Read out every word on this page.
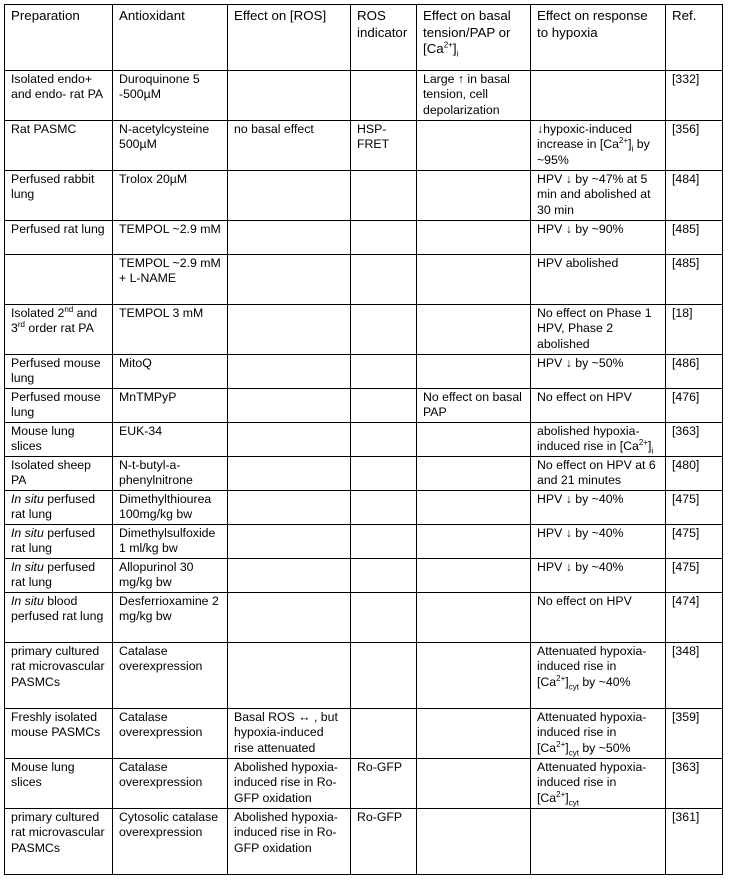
Preparation	Antioxidant	Effect on [ROS]	ROS indicator	Effect on basal tension/PAP or $[Ca^{2+}]_i$	Effect on response to hypoxia	Ref.
Isolated endo+ and endo- rat PA	Duroquinone 5 -500µM			Large ↑ in basal tension, cell depolarization		[332]
Rat PASMC	N-acetylcysteine 500µM	no basal effect	HSP-FRET		↓hypoxic-induced increase in $[Ca^{2+}]_i$ by ~95%	[356]
Perfused rabbit lung	Trolox 20µM				HPV ↓ by ~47% at 5 min and abolished at 30 min	[484]
Perfused rat lung	TEMPOL ~2.9 mM				HPV ↓ by ~90%	[485]
	TEMPOL ~2.9 mM + L-NAME				HPV abolished	[485]
Isolated 2nd and 3rd order rat PA	TEMPOL 3 mM				No effect on Phase 1 HPV, Phase 2 abolished	[18]
Perfused mouse lung	MitoQ				HPV ↓ by ~50%	[486]
Perfused mouse lung	MnTMPyP			No effect on basal PAP	No effect on HPV	[476]
Mouse lung slices	EUK-34				abolished hypoxia-induced rise in $[Ca^{2+}]_i$	[363]
Isolated sheep PA	N-t-butyl-a-phenylnitrone				No effect on HPV at 6 and 21 minutes	[480]
In situ perfused rat lung	Dimethylthiourea 100mg/kg bw				HPV ↓ by ~40%	[475]
In situ perfused rat lung	Dimethylsulfoxide 1 ml/kg bw				HPV ↓ by ~40%	[475]
In situ perfused rat lung	Allopurinol 30 mg/kg bw				HPV ↓ by ~40%	[475]
In situ blood perfused rat lung	Desferrioxamine 2 mg/kg bw				No effect on HPV	[474]
primary cultured rat microvascular PASMCs	Catalase overexpression				Attenuated hypoxia-induced rise in $[Ca^{2+}]_{cyt}$ by ~40%	[348]
Freshly isolated mouse PASMCs	Catalase overexpression	Basal ROS ↔ , but hypoxia-induced rise attenuated			Attenuated hypoxia-induced rise in $[Ca^{2+}]_{cyt}$ by ~50%	[359]
Mouse lung slices	Catalase overexpression	Abolished hypoxia-induced rise in Ro-GFP oxidation	Ro-GFP		Attenuated hypoxia-induced rise in $[Ca^{2+}]_{cyt}$	[363]
primary cultured rat microvascular PASMCs	Cytosolic catalase overexpression	Abolished hypoxia-induced rise in Ro-GFP oxidation	Ro-GFP			[361]
